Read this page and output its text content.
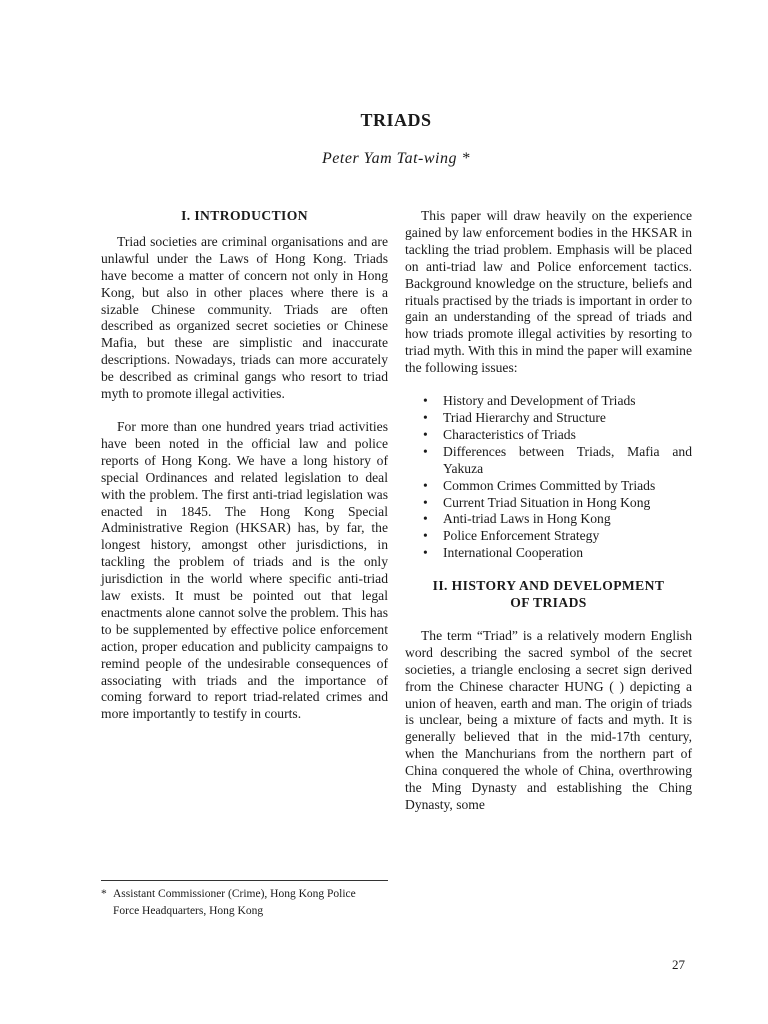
TRIADS
Peter Yam Tat-wing *

I. INTRODUCTION

Triad societies are criminal organisations and are unlawful under the Laws of Hong Kong. Triads have become a matter of concern not only in Hong Kong, but also in other places where there is a sizable Chinese community. Triads are often described as organized secret societies or Chinese Mafia, but these are simplistic and inaccurate descriptions. Nowadays, triads can more accurately be described as criminal gangs who resort to triad myth to promote illegal activities.

For more than one hundred years triad activities have been noted in the official law and police reports of Hong Kong. We have a long history of special Ordinances and related legislation to deal with the problem. The first anti-triad legislation was enacted in 1845. The Hong Kong Special Administrative Region (HKSAR) has, by far, the longest history, amongst other jurisdictions, in tackling the problem of triads and is the only jurisdiction in the world where specific anti-triad law exists. It must be pointed out that legal enactments alone cannot solve the problem. This has to be supplemented by effective police enforcement action, proper education and publicity campaigns to remind people of the undesirable consequences of associating with triads and the importance of coming forward to report triad-related crimes and more importantly to testify in courts.

This paper will draw heavily on the experience gained by law enforcement bodies in the HKSAR in tackling the triad problem. Emphasis will be placed on anti-triad law and Police enforcement tactics. Background knowledge on the structure, beliefs and rituals practised by the triads is important in order to gain an understanding of the spread of triads and how triads promote illegal activities by resorting to triad myth. With this in mind the paper will examine the following issues:

• History and Development of Triads
• Triad Hierarchy and Structure
• Characteristics of Triads
• Differences between Triads, Mafia and Yakuza
• Common Crimes Committed by Triads
• Current Triad Situation in Hong Kong
• Anti-triad Laws in Hong Kong
• Police Enforcement Strategy
• International Cooperation

II. HISTORY AND DEVELOPMENT

OF TRIADS

The term “Triad” is a relatively modern English word describing the sacred symbol of the secret societies, a triangle enclosing a secret sign derived from the Chinese character HUNG ( ) depicting a union of heaven, earth and man. The origin of triads is unclear, being a mixture of facts and myth. It is generally believed that in the mid-17th century, when the Manchurians from the northern part of China conquered the whole of China, overthrowing the Ming Dynasty and establishing the Ching Dynasty, some

* Assistant Commissioner (Crime), Hong Kong Police
Force Headquarters, Hong Kong
27
